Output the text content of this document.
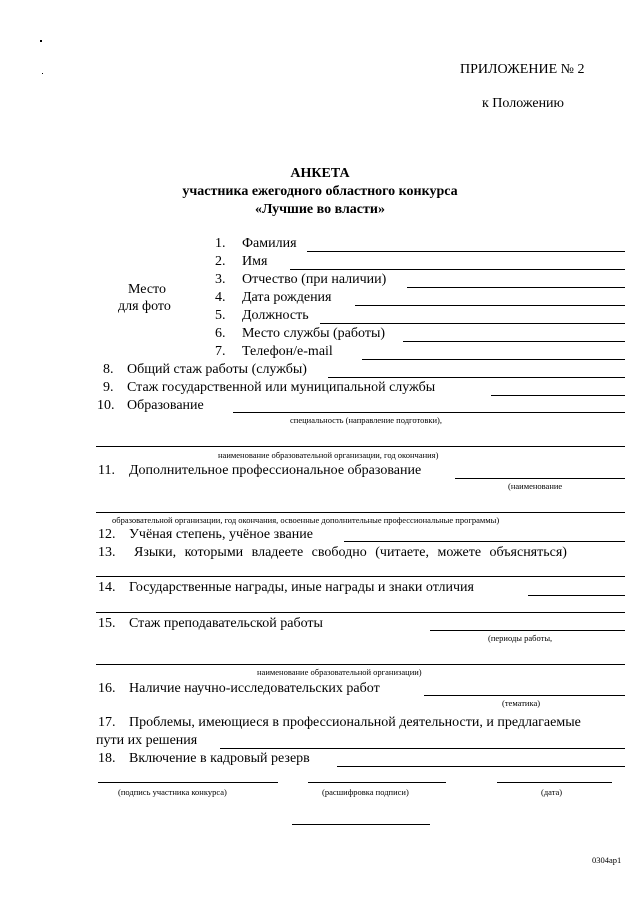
ПРИЛОЖЕНИЕ № 2
к Положению
АНКЕТА
участника ежегодного областного конкурса
«Лучшие во власти»
Место
для фото
1. Фамилия
2. Имя
3. Отчество (при наличии)
4. Дата рождения
5. Должность
6. Место службы (работы)
7. Телефон/e-mail
8. Общий стаж работы (службы)
9. Стаж государственной или муниципальной службы
10. Образование
специальность (направление подготовки),
наименование образовательной организации, год окончания)
11. Дополнительное профессиональное образование
(наименование
образовательной организации, год окончания, освоенные дополнительные профессиональные программы)
12. Учёная степень, учёное звание
13. Языки, которыми владеете свободно (читаете, можете объясняться)
14. Государственные награды, иные награды и знаки отличия
15. Стаж преподавательской работы
(периоды работы,
наименование образовательной организации)
16. Наличие научно-исследовательских работ
(тематика)
17. Проблемы, имеющиеся в профессиональной деятельности, и предлагаемые
пути их решения
18. Включение в кадровый резерв
(подпись участника конкурса)	(расшифровка подписи)	(дата)
0304ap1
